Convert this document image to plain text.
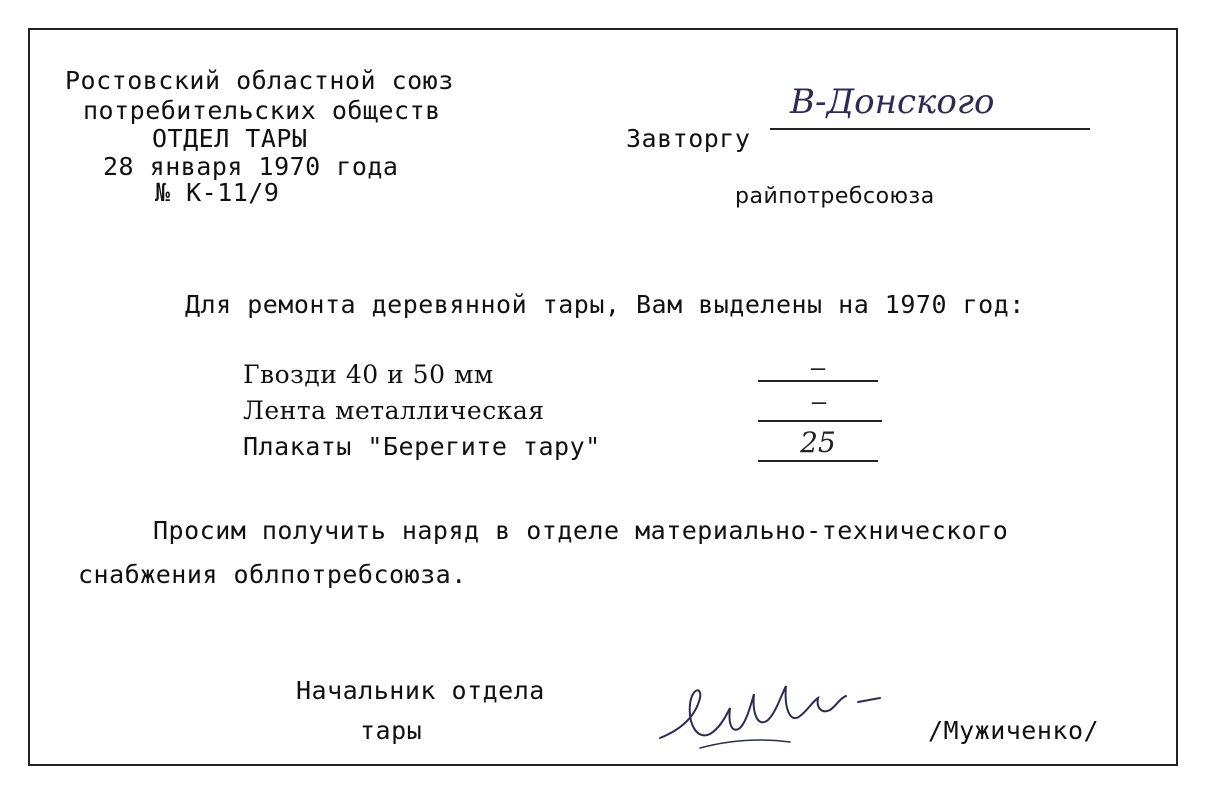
Ростовский областной союз
потребительских обществ
ОТДЕЛ ТАРЫ
28 января 1970 года
№ К-11/9
Завторгу
В-Донского
райпотребсоюза
Для ремонта деревянной тары, Вам выделены на 1970 год:
Гвозди 40 и 50 мм	—
Лента металлическая	—
Плакаты "Берегите тару"	25
Просим получить наряд в отделе материально-технического
снабжения облпотребсоюза.
Начальник отдела
тары	/Мужиченко/
